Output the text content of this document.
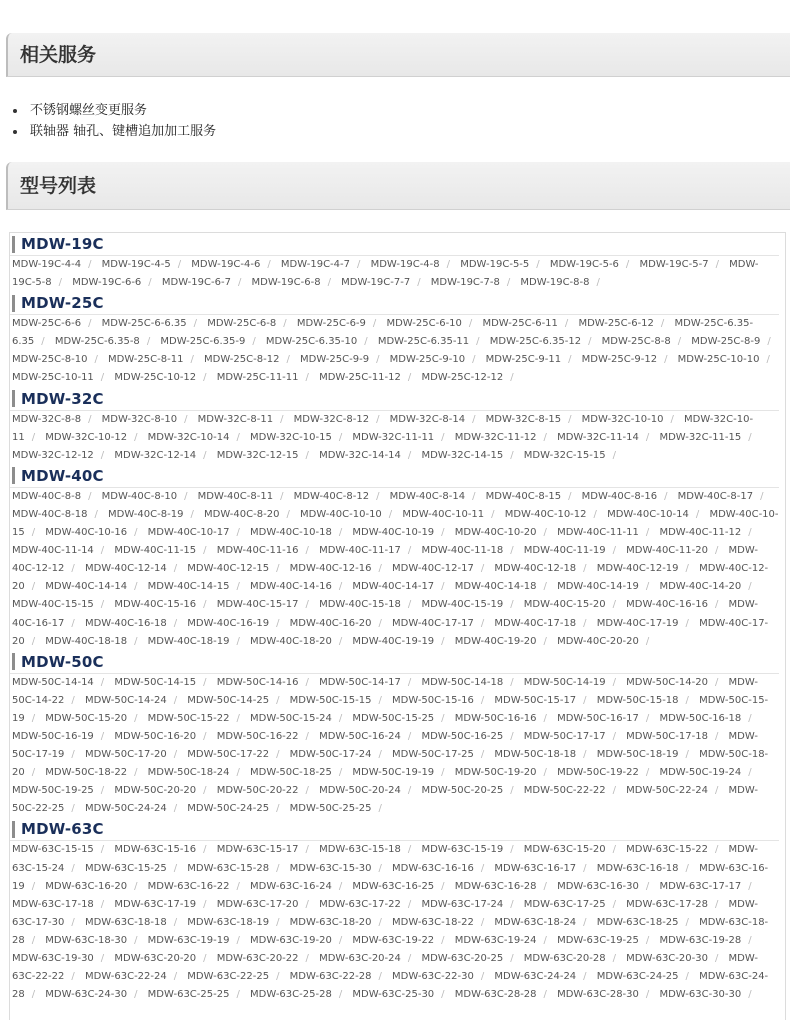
相关服务
不锈钢螺丝变更服务
联轴器 轴孔、键槽追加加工服务
型号列表
MDW-19C
MDW-19C-4-4 / MDW-19C-4-5 / MDW-19C-4-6 / MDW-19C-4-7 / MDW-19C-4-8 / MDW-19C-5-5 / MDW-19C-5-6 / MDW-19C-5-7 / MDW-19C-5-8 / MDW-19C-6-6 / MDW-19C-6-7 / MDW-19C-6-8 / MDW-19C-7-7 / MDW-19C-7-8 / MDW-19C-8-8 /
MDW-25C
MDW-25C-6-6 / MDW-25C-6-6.35 / MDW-25C-6-8 / MDW-25C-6-9 / MDW-25C-6-10 / MDW-25C-6-11 / MDW-25C-6-12 / MDW-25C-6.35-6.35 / MDW-25C-6.35-8 / MDW-25C-6.35-9 / MDW-25C-6.35-10 / MDW-25C-6.35-11 / MDW-25C-6.35-12 / MDW-25C-8-8 / MDW-25C-8-9 / MDW-25C-8-10 / MDW-25C-8-11 / MDW-25C-8-12 / MDW-25C-9-9 / MDW-25C-9-10 / MDW-25C-9-11 / MDW-25C-9-12 / MDW-25C-10-10 / MDW-25C-10-11 / MDW-25C-10-12 / MDW-25C-11-11 / MDW-25C-11-12 / MDW-25C-12-12 /
MDW-32C
MDW-32C-8-8 / MDW-32C-8-10 / MDW-32C-8-11 / MDW-32C-8-12 / MDW-32C-8-14 / MDW-32C-8-15 / MDW-32C-10-10 / MDW-32C-10-11 / MDW-32C-10-12 / MDW-32C-10-14 / MDW-32C-10-15 / MDW-32C-11-11 / MDW-32C-11-12 / MDW-32C-11-14 / MDW-32C-11-15 / MDW-32C-12-12 / MDW-32C-12-14 / MDW-32C-12-15 / MDW-32C-14-14 / MDW-32C-14-15 / MDW-32C-15-15 /
MDW-40C
MDW-40C-8-8 / MDW-40C-8-10 / MDW-40C-8-11 / MDW-40C-8-12 / MDW-40C-8-14 / MDW-40C-8-15 / MDW-40C-8-16 / MDW-40C-8-17 / MDW-40C-8-18 / MDW-40C-8-19 / MDW-40C-8-20 / MDW-40C-10-10 / MDW-40C-10-11 / MDW-40C-10-12 / MDW-40C-10-14 / MDW-40C-10-15 / MDW-40C-10-16 / MDW-40C-10-17 / MDW-40C-10-18 / MDW-40C-10-19 / MDW-40C-10-20 / MDW-40C-11-11 / MDW-40C-11-12 / MDW-40C-11-14 / MDW-40C-11-15 / MDW-40C-11-16 / MDW-40C-11-17 / MDW-40C-11-18 / MDW-40C-11-19 / MDW-40C-11-20 / MDW-40C-12-12 / MDW-40C-12-14 / MDW-40C-12-15 / MDW-40C-12-16 / MDW-40C-12-17 / MDW-40C-12-18 / MDW-40C-12-19 / MDW-40C-12-20 / MDW-40C-14-14 / MDW-40C-14-15 / MDW-40C-14-16 / MDW-40C-14-17 / MDW-40C-14-18 / MDW-40C-14-19 / MDW-40C-14-20 / MDW-40C-15-15 / MDW-40C-15-16 / MDW-40C-15-17 / MDW-40C-15-18 / MDW-40C-15-19 / MDW-40C-15-20 / MDW-40C-16-16 / MDW-40C-16-17 / MDW-40C-16-18 / MDW-40C-16-19 / MDW-40C-16-20 / MDW-40C-17-17 / MDW-40C-17-18 / MDW-40C-17-19 / MDW-40C-17-20 / MDW-40C-18-18 / MDW-40C-18-19 / MDW-40C-18-20 / MDW-40C-19-19 / MDW-40C-19-20 / MDW-40C-20-20 /
MDW-50C
MDW-50C-14-14 / MDW-50C-14-15 / MDW-50C-14-16 / MDW-50C-14-17 / MDW-50C-14-18 / MDW-50C-14-19 / MDW-50C-14-20 / MDW-50C-14-22 / MDW-50C-14-24 / MDW-50C-14-25 / MDW-50C-15-15 / MDW-50C-15-16 / MDW-50C-15-17 / MDW-50C-15-18 / MDW-50C-15-19 / MDW-50C-15-20 / MDW-50C-15-22 / MDW-50C-15-24 / MDW-50C-15-25 / MDW-50C-16-16 / MDW-50C-16-17 / MDW-50C-16-18 / MDW-50C-16-19 / MDW-50C-16-20 / MDW-50C-16-22 / MDW-50C-16-24 / MDW-50C-16-25 / MDW-50C-17-17 / MDW-50C-17-18 / MDW-50C-17-19 / MDW-50C-17-20 / MDW-50C-17-22 / MDW-50C-17-24 / MDW-50C-17-25 / MDW-50C-18-18 / MDW-50C-18-19 / MDW-50C-18-20 / MDW-50C-18-22 / MDW-50C-18-24 / MDW-50C-18-25 / MDW-50C-19-19 / MDW-50C-19-20 / MDW-50C-19-22 / MDW-50C-19-24 / MDW-50C-19-25 / MDW-50C-20-20 / MDW-50C-20-22 / MDW-50C-20-24 / MDW-50C-20-25 / MDW-50C-22-22 / MDW-50C-22-24 / MDW-50C-22-25 / MDW-50C-24-24 / MDW-50C-24-25 / MDW-50C-25-25 /
MDW-63C
MDW-63C-15-15 / MDW-63C-15-16 / MDW-63C-15-17 / MDW-63C-15-18 / MDW-63C-15-19 / MDW-63C-15-20 / MDW-63C-15-22 / MDW-63C-15-24 / MDW-63C-15-25 / MDW-63C-15-28 / MDW-63C-15-30 / MDW-63C-16-16 / MDW-63C-16-17 / MDW-63C-16-18 / MDW-63C-16-19 / MDW-63C-16-20 / MDW-63C-16-22 / MDW-63C-16-24 / MDW-63C-16-25 / MDW-63C-16-28 / MDW-63C-16-30 / MDW-63C-17-17 / MDW-63C-17-18 / MDW-63C-17-19 / MDW-63C-17-20 / MDW-63C-17-22 / MDW-63C-17-24 / MDW-63C-17-25 / MDW-63C-17-28 / MDW-63C-17-30 / MDW-63C-18-18 / MDW-63C-18-19 / MDW-63C-18-20 / MDW-63C-18-22 / MDW-63C-18-24 / MDW-63C-18-25 / MDW-63C-18-28 / MDW-63C-18-30 / MDW-63C-19-19 / MDW-63C-19-20 / MDW-63C-19-22 / MDW-63C-19-24 / MDW-63C-19-25 / MDW-63C-19-28 / MDW-63C-19-30 / MDW-63C-20-20 / MDW-63C-20-22 / MDW-63C-20-24 / MDW-63C-20-25 / MDW-63C-20-28 / MDW-63C-20-30 / MDW-63C-22-22 / MDW-63C-22-24 / MDW-63C-22-25 / MDW-63C-22-28 / MDW-63C-22-30 / MDW-63C-24-24 / MDW-63C-24-25 / MDW-63C-24-28 / MDW-63C-24-30 / MDW-63C-25-25 / MDW-63C-25-28 / MDW-63C-25-30 / MDW-63C-28-28 / MDW-63C-28-30 / MDW-63C-30-30 /
